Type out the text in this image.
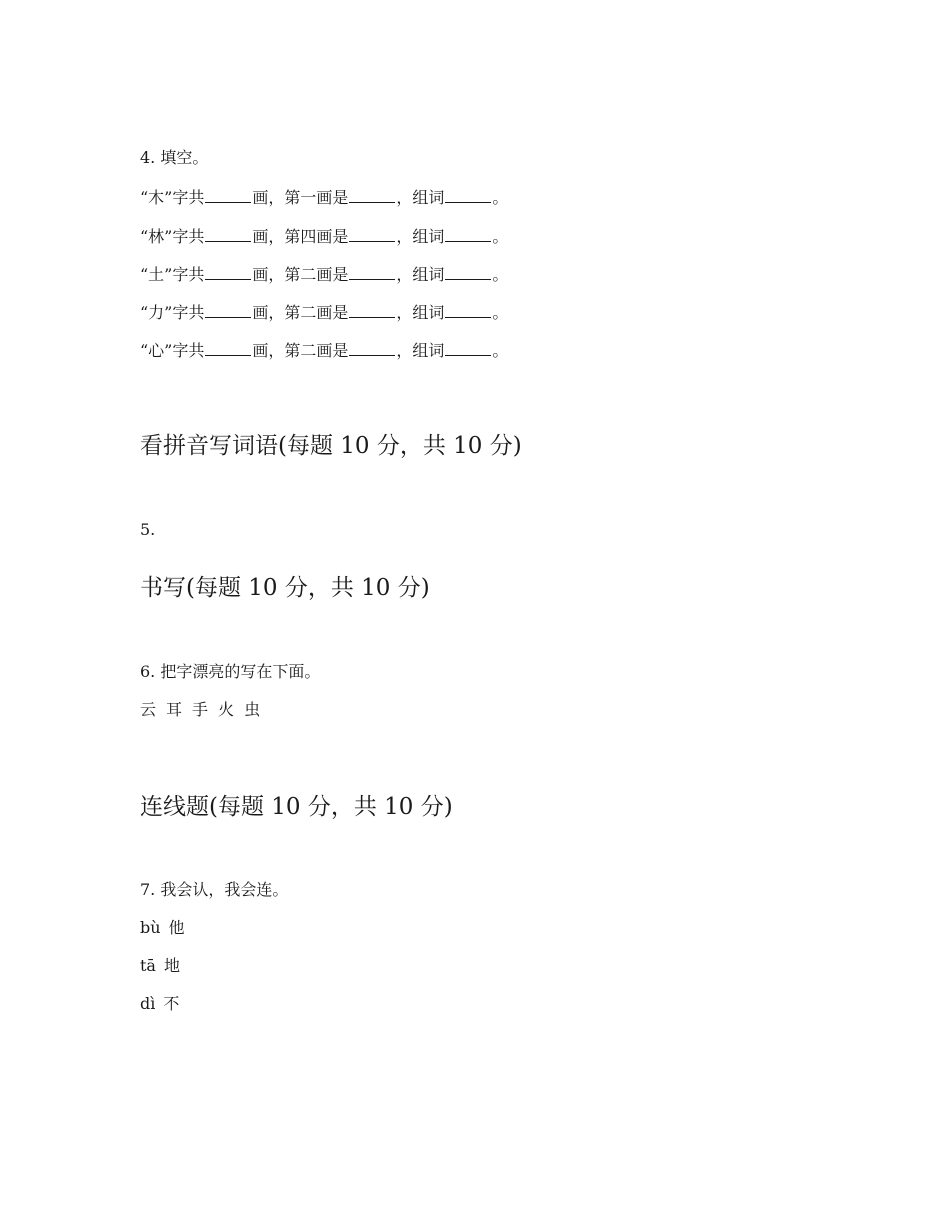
4. 填空。
“木”字共	画，第一画是	，组词	。
“林”字共	画，第四画是	，组词	。
“土”字共	画，第二画是	，组词	。
“力”字共	画，第二画是	，组词	。
“心”字共	画，第二画是	，组词	。
看拼音写词语(每题 10 分，共 10 分)
5.
书写(每题 10 分，共 10 分)
6. 把字漂亮的写在下面。
云 耳 手 火 虫
连线题(每题 10 分，共 10 分)
7. 我会认，我会连。
bù 他
tā 地
dì 不
